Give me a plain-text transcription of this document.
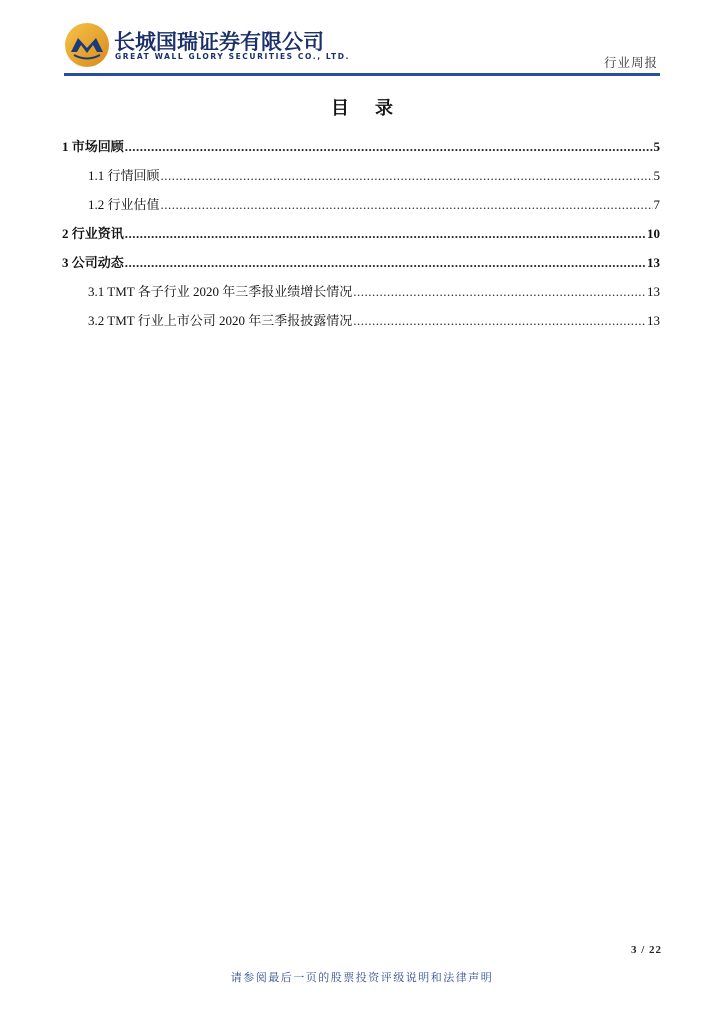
长城国瑞证券有限公司
GREAT WALL GLORY SECURITIES CO., LTD.	行业周报
目录
1 市场回顾 .....	5
1.1 行情回顾 .....	5
1.2 行业估值 .....	7
2 行业资讯 .....	10
3 公司动态 .....	13
3.1 TMT 各子行业 2020 年三季报业绩增长情况 .....	13
3.2 TMT 行业上市公司 2020 年三季报披露情况 .....	13
3 / 22
请参阅最后一页的股票投资评级说明和法律声明
